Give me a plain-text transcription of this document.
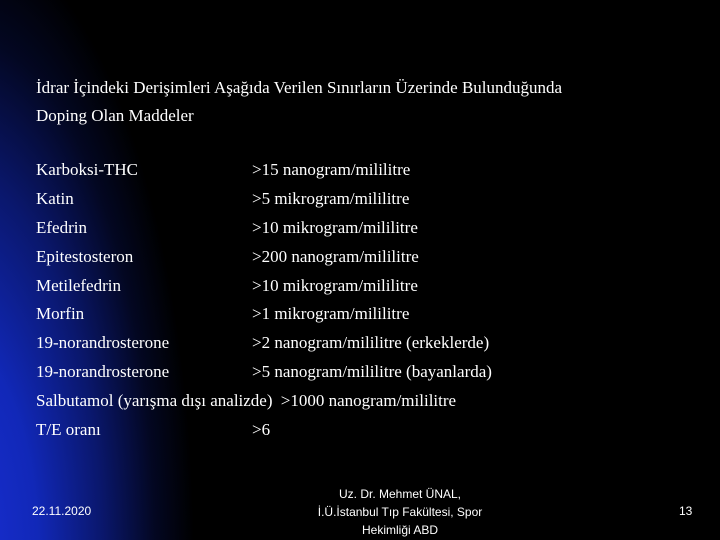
İdrar İçindeki Derişimleri Aşağıda Verilen Sınırların Üzerinde Bulunduğunda
Doping Olan Maddeler
Karboksi-THC	>15 nanogram/mililitre
Katin	>5 mikrogram/mililitre
Efedrin	>10 mikrogram/mililitre
Epitestosteron	>200 nanogram/mililitre
Metilefedrin	>10 mikrogram/mililitre
Morfin	>1 mikrogram/mililitre
19-norandrosterone	>2 nanogram/mililitre (erkeklerde)
19-norandrosterone	>5 nanogram/mililitre (bayanlarda)
Salbutamol (yarışma dışı analizde) >1000 nanogram/mililitre
T/E oranı	>6
22.11.2020
Uz. Dr. Mehmet ÜNAL,
İ.Ü.İstanbul Tıp Fakültesi, Spor
Hekimliği ABD
13
